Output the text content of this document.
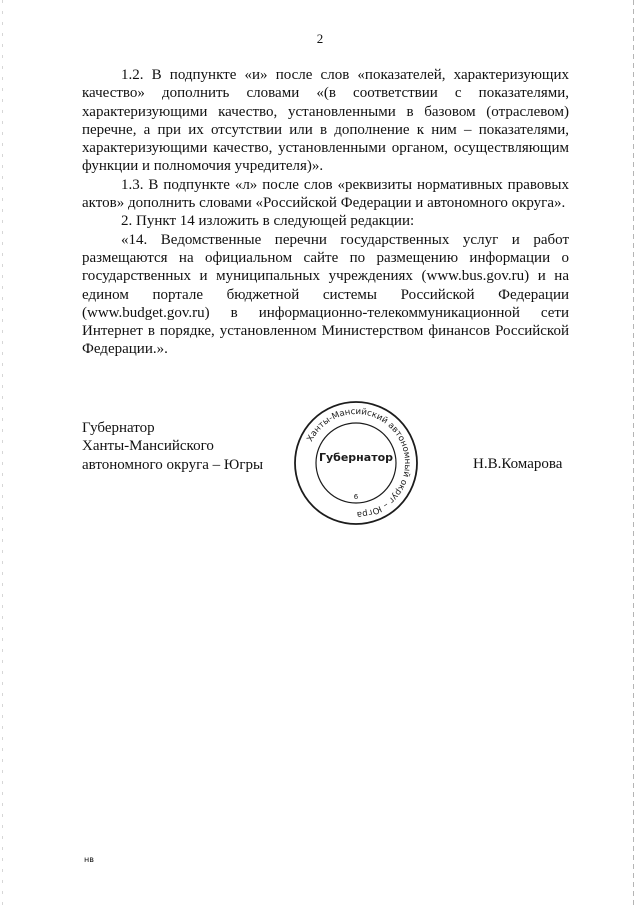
2

1.2. В подпункте «и» после слов «показателей, характеризующих качество» дополнить словами «(в соответствии с показателями, характеризующими качество, установленными в базовом (отраслевом) перечне, а при их отсутствии или в дополнение к ним – показателями, характеризующими качество, установленными органом, осуществляющим функции и полномочия учредителя)».

1.3. В подпункте «л» после слов «реквизиты нормативных правовых актов» дополнить словами «Российской Федерации и автономного округа».

2. Пункт 14 изложить в следующей редакции:

«14. Ведомственные перечни государственных услуг и работ размещаются на официальном сайте по размещению информации о государственных и муниципальных учреждениях (www.bus.gov.ru) и на едином портале бюджетной системы Российской Федерации (www.budget.gov.ru) в информационно-телекоммуникационной сети Интернет в порядке, установленном Министерством финансов Российской Федерации.».

Губернатор
Ханты-Мансийского
автономного округа – Югры
Ханты-Мансийский автономный округ – Югра
Губернатор
6
Н.В.Комарова
нв
